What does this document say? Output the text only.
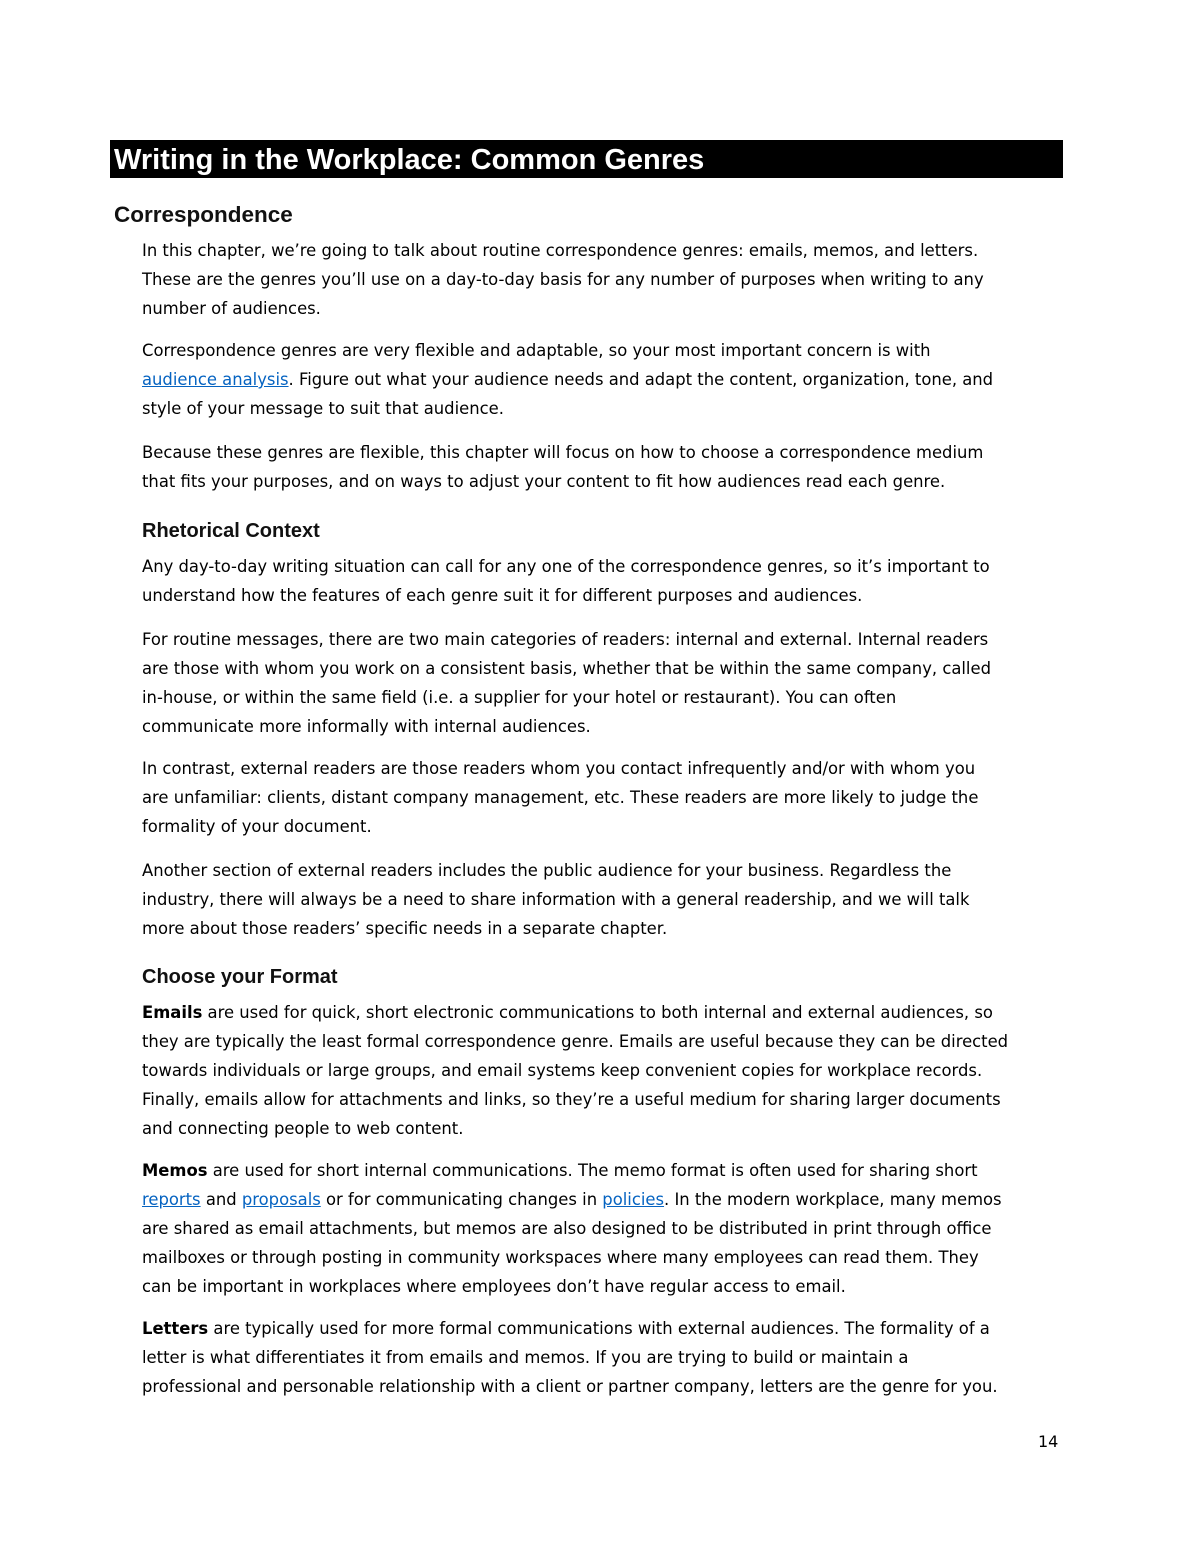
Writing in the Workplace: Common Genres
Correspondence

In this chapter, we’re going to talk about routine correspondence genres: emails, memos, and letters.
These are the genres you’ll use on a day-to-day basis for any number of purposes when writing to any
number of audiences.

Correspondence genres are very flexible and adaptable, so your most important concern is with
audience analysis. Figure out what your audience needs and adapt the content, organization, tone, and
style of your message to suit that audience.

Because these genres are flexible, this chapter will focus on how to choose a correspondence medium
that fits your purposes, and on ways to adjust your content to fit how audiences read each genre.

Rhetorical Context

Any day-to-day writing situation can call for any one of the correspondence genres, so it’s important to
understand how the features of each genre suit it for different purposes and audiences.

For routine messages, there are two main categories of readers: internal and external. Internal readers
are those with whom you work on a consistent basis, whether that be within the same company, called
in-house, or within the same field (i.e. a supplier for your hotel or restaurant). You can often
communicate more informally with internal audiences.

In contrast, external readers are those readers whom you contact infrequently and/or with whom you
are unfamiliar: clients, distant company management, etc. These readers are more likely to judge the
formality of your document.

Another section of external readers includes the public audience for your business. Regardless the
industry, there will always be a need to share information with a general readership, and we will talk
more about those readers’ specific needs in a separate chapter.

Choose your Format

Emails are used for quick, short electronic communications to both internal and external audiences, so
they are typically the least formal correspondence genre. Emails are useful because they can be directed
towards individuals or large groups, and email systems keep convenient copies for workplace records.
Finally, emails allow for attachments and links, so they’re a useful medium for sharing larger documents
and connecting people to web content.

Memos are used for short internal communications. The memo format is often used for sharing short
reports and proposals or for communicating changes in policies. In the modern workplace, many memos
are shared as email attachments, but memos are also designed to be distributed in print through office
mailboxes or through posting in community workspaces where many employees can read them. They
can be important in workplaces where employees don’t have regular access to email.

Letters are typically used for more formal communications with external audiences. The formality of a
letter is what differentiates it from emails and memos. If you are trying to build or maintain a
professional and personable relationship with a client or partner company, letters are the genre for you.

14
